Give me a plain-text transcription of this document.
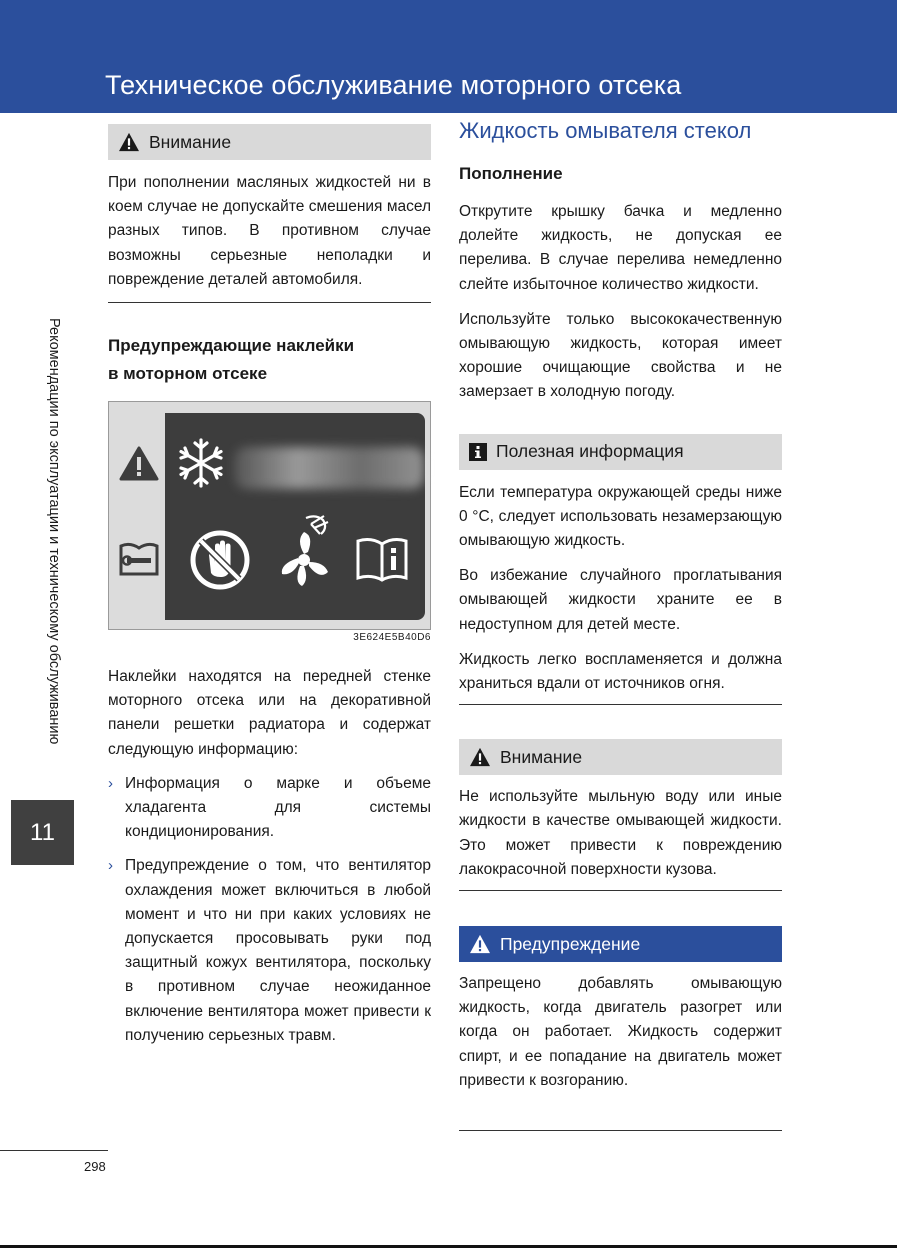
Техническое обслуживание моторного отсека
Рекомендации по эксплуатации и техническому обслуживанию
11
Внимание

При пополнении масляных жидкостей ни в коем случае не допускайте смешения масел разных типов. В противном случае возможны серьезные неполадки и повреждение деталей автомобиля.

Предупреждающие наклейки

в моторном отсеке

3E624E5B40D6

Наклейки находятся на передней стенке моторного отсека или на декоративной панели решетки радиатора и содержат следующую информацию:

› Информация о марке и объеме хладагента для системы кондиционирования.

› Предупреждение о том, что вентилятор охлаждения может включиться в любой момент и что ни при каких условиях не допускается просовывать руки под защитный кожух вентилятора, поскольку в противном случае неожиданное включение вентилятора может привести к получению серьезных травм.

Жидкость омывателя стекол

Пополнение

Открутите крышку бачка и медленно долейте жидкость, не допуская ее перелива. В случае перелива немедленно слейте избыточное количество жидкости.

Используйте только высококачественную омывающую жидкость, которая имеет хорошие очищающие свойства и не замерзает в холодную погоду.

Полезная информация

Если температура окружающей среды ниже 0 °C, следует использовать незамерзающую омывающую жидкость.

Во избежание случайного проглатывания омывающей жидкости храните ее в недоступном для детей месте.

Жидкость легко воспламеняется и должна храниться вдали от источников огня.

Внимание

Не используйте мыльную воду или иные жидкости в качестве омывающей жидкости. Это может привести к повреждению лакокрасочной поверхности кузова.

Предупреждение

Запрещено добавлять омывающую жидкость, когда двигатель разогрет или когда он работает. Жидкость содержит спирт, и ее попадание на двигатель может привести к возгоранию.

298
